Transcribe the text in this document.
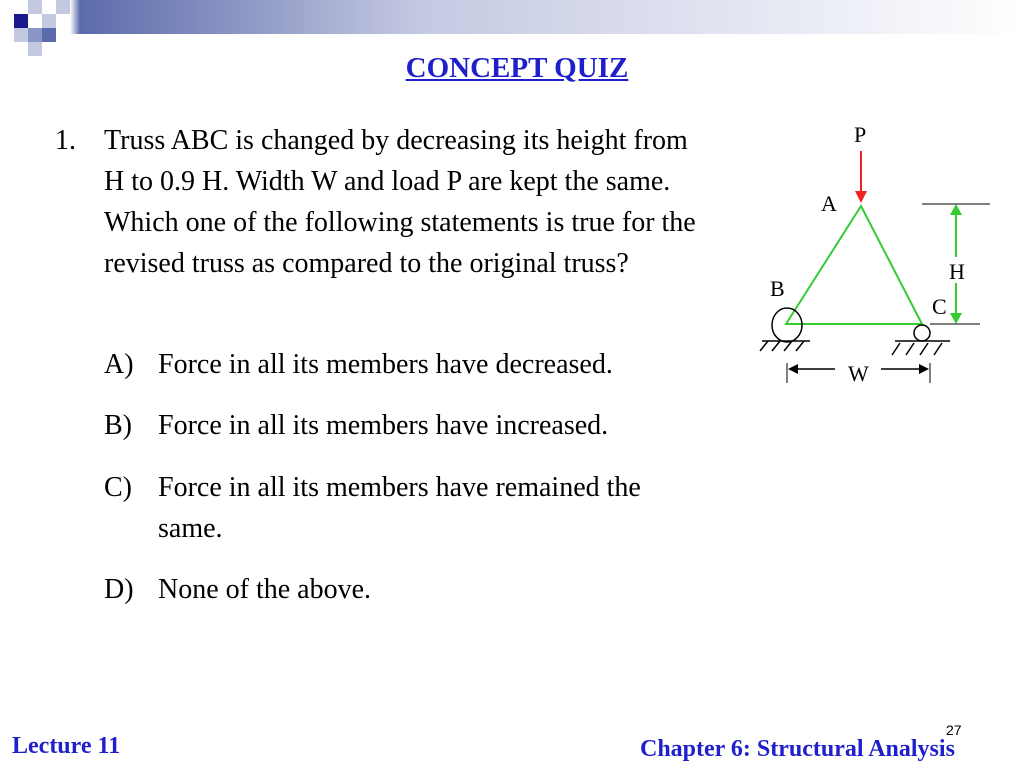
CONCEPT QUIZ
1. Truss ABC is changed by decreasing its height from H to 0.9 H. Width W and load P are kept the same. Which one of the following statements is true for the revised truss as compared to the original truss?
A) Force in all its members have decreased.
B) Force in all its members have increased.
C) Force in all its members have remained the same.
D) None of the above.
P
A
B
C
H
W
Lecture 11
27
Chapter 6: Structural Analysis
